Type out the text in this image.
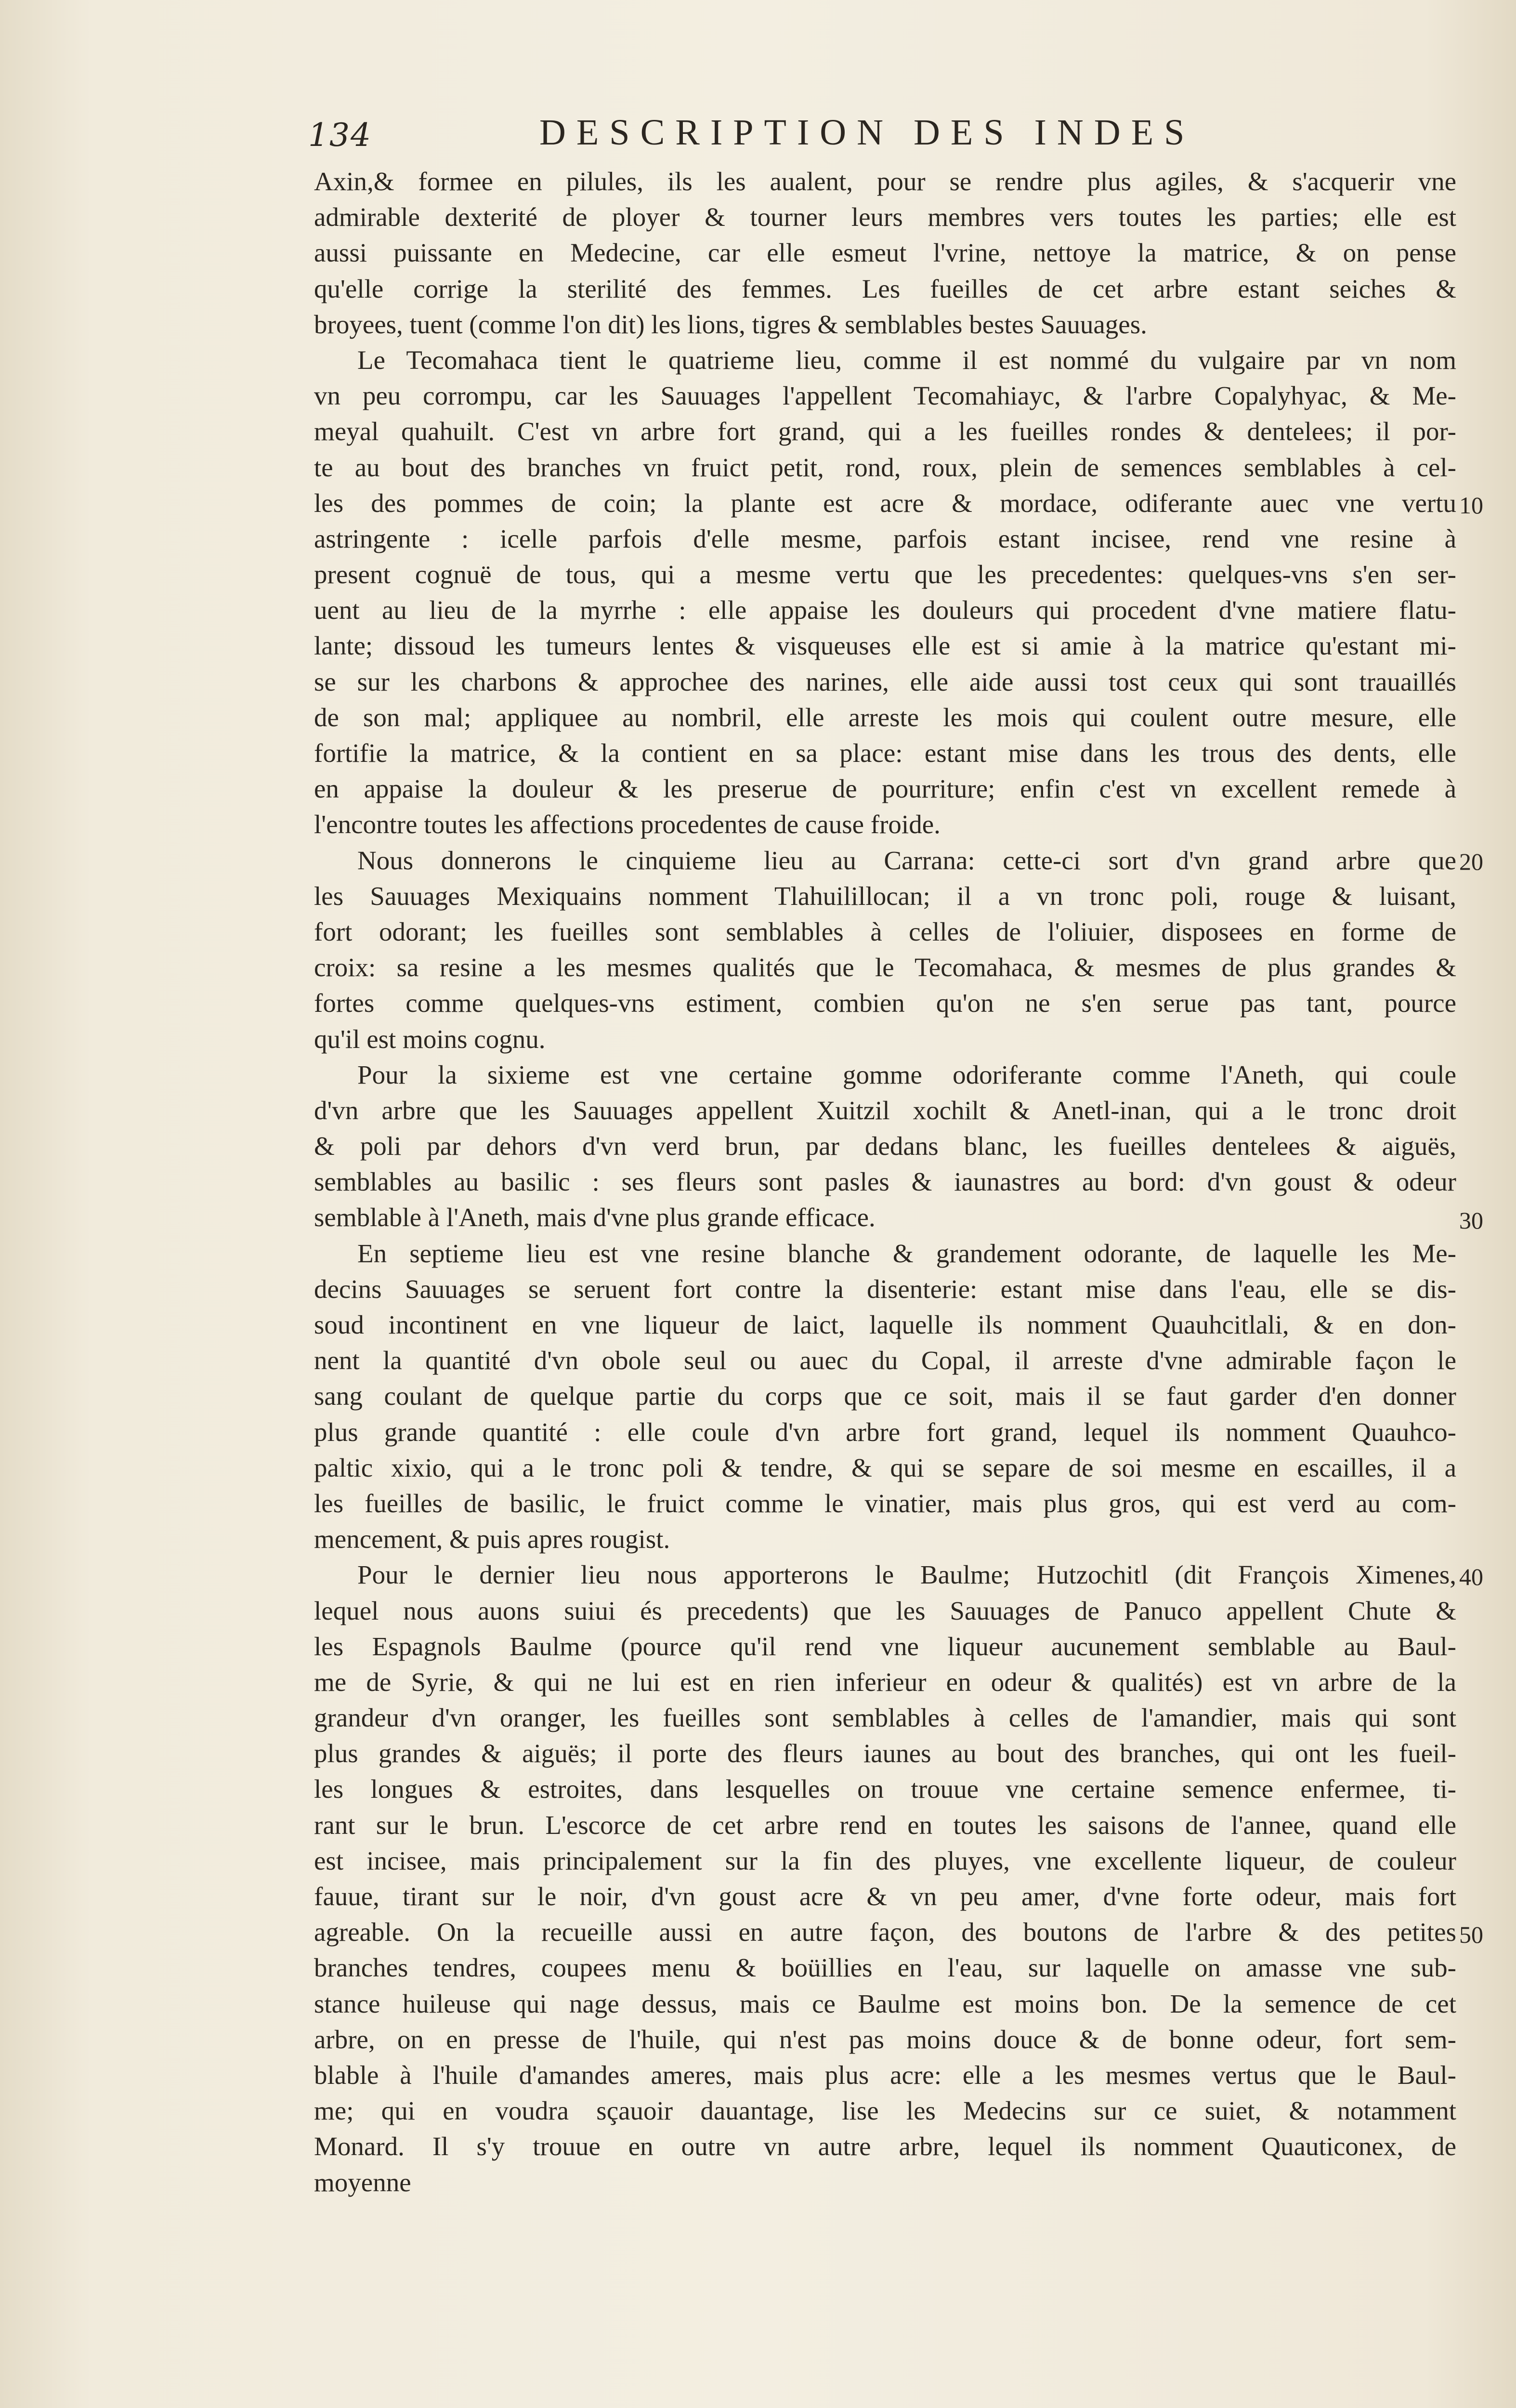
134	DESCRIPTION DES INDES
Axin,& formee en pilules, ils les aualent, pour se rendre plus agiles, & s'acquerir vne
admirable dexterité de ployer & tourner leurs membres vers toutes les parties; elle est
aussi puissante en Medecine, car elle esmeut l'vrine, nettoye la matrice, & on pense
qu'elle corrige la sterilité des femmes. Les fueilles de cet arbre estant seiches &
broyees, tuent (comme l'on dit) les lions, tigres & semblables bestes Sauuages.
Le Tecomahaca tient le quatrieme lieu, comme il est nommé du vulgaire par vn nom
vn peu corrompu, car les Sauuages l'appellent Tecomahiayc, & l'arbre Copalyhyac, & Me-
meyal quahuilt. C'est vn arbre fort grand, qui a les fueilles rondes & dentelees; il por-
te au bout des branches vn fruict petit, rond, roux, plein de semences semblables à cel-
les des pommes de coin; la plante est acre & mordace, odiferante auec vne vertu
astringente : icelle parfois d'elle mesme, parfois estant incisee, rend vne resine à
present cognuë de tous, qui a mesme vertu que les precedentes: quelques-vns s'en ser-
uent au lieu de la myrrhe : elle appaise les douleurs qui procedent d'vne matiere flatu-
lante; dissoud les tumeurs lentes & visqueuses elle est si amie à la matrice qu'estant mi-
se sur les charbons & approchee des narines, elle aide aussi tost ceux qui sont trauaillés
de son mal; appliquee au nombril, elle arreste les mois qui coulent outre mesure, elle
fortifie la matrice, & la contient en sa place: estant mise dans les trous des dents, elle
en appaise la douleur & les preserue de pourriture; enfin c'est vn excellent remede à
l'encontre toutes les affections procedentes de cause froide.
Nous donnerons le cinquieme lieu au Carrana: cette-ci sort d'vn grand arbre que
les Sauuages Mexiquains nomment Tlahuilillocan; il a vn tronc poli, rouge & luisant,
fort odorant; les fueilles sont semblables à celles de l'oliuier, disposees en forme de
croix: sa resine a les mesmes qualités que le Tecomahaca, & mesmes de plus grandes &
fortes comme quelques-vns estiment, combien qu'on ne s'en serue pas tant, pource
qu'il est moins cognu.
Pour la sixieme est vne certaine gomme odoriferante comme l'Aneth, qui coule
d'vn arbre que les Sauuages appellent Xuitzil xochilt & Anetl-inan, qui a le tronc droit
& poli par dehors d'vn verd brun, par dedans blanc, les fueilles dentelees & aiguës,
semblables au basilic : ses fleurs sont pasles & iaunastres au bord: d'vn goust & odeur
semblable à l'Aneth, mais d'vne plus grande efficace.
En septieme lieu est vne resine blanche & grandement odorante, de laquelle les Me-
decins Sauuages se seruent fort contre la disenterie: estant mise dans l'eau, elle se dis-
soud incontinent en vne liqueur de laict, laquelle ils nomment Quauhcitlali, & en don-
nent la quantité d'vn obole seul ou auec du Copal, il arreste d'vne admirable façon le
sang coulant de quelque partie du corps que ce soit, mais il se faut garder d'en donner
plus grande quantité : elle coule d'vn arbre fort grand, lequel ils nomment Quauhco-
paltic xixio, qui a le tronc poli & tendre, & qui se separe de soi mesme en escailles, il a
les fueilles de basilic, le fruict comme le vinatier, mais plus gros, qui est verd au com-
mencement, & puis apres rougist.
Pour le dernier lieu nous apporterons le Baulme; Hutzochitl (dit François Ximenes,
lequel nous auons suiui és precedents) que les Sauuages de Panuco appellent Chute &
les Espagnols Baulme (pource qu'il rend vne liqueur aucunement semblable au Baul-
me de Syrie, & qui ne lui est en rien inferieur en odeur & qualités) est vn arbre de la
grandeur d'vn oranger, les fueilles sont semblables à celles de l'amandier, mais qui sont
plus grandes & aiguës; il porte des fleurs iaunes au bout des branches, qui ont les fueil-
les longues & estroites, dans lesquelles on trouue vne certaine semence enfermee, ti-
rant sur le brun. L'escorce de cet arbre rend en toutes les saisons de l'annee, quand elle
est incisee, mais principalement sur la fin des pluyes, vne excellente liqueur, de couleur
fauue, tirant sur le noir, d'vn goust acre & vn peu amer, d'vne forte odeur, mais fort
agreable. On la recueille aussi en autre façon, des boutons de l'arbre & des petites
branches tendres, coupees menu & boüillies en l'eau, sur laquelle on amasse vne sub-
stance huileuse qui nage dessus, mais ce Baulme est moins bon. De la semence de cet
arbre, on en presse de l'huile, qui n'est pas moins douce & de bonne odeur, fort sem-
blable à l'huile d'amandes ameres, mais plus acre: elle a les mesmes vertus que le Baul-
me; qui en voudra sçauoir dauantage, lise les Medecins sur ce suiet, & notamment
Monard. Il s'y trouue en outre vn autre arbre, lequel ils nomment Quauticonex, de
moyenne
10
20
30
40
50
